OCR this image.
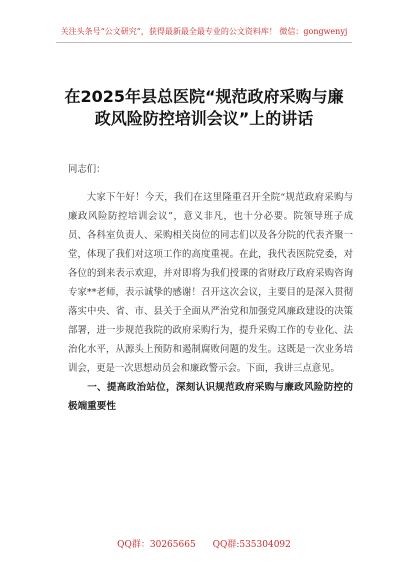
关注头条号“公文研究”，获得最新最全最专业的公文资料库！ 微信：gongwenyj
在2025年县总医院“规范政府采购与廉
政风险防控培训会议”上的讲话

同志们：

大家下午好！今天，我们在这里隆重召开全院“规范政府采购与廉政风险防控培训会议”，意义非凡，也十分必要。院领导班子成员、各科室负责人、采购相关岗位的同志们以及各分院的代表齐聚一堂，体现了我们对这项工作的高度重视。在此，我代表医院党委，对各位的到来表示欢迎，并对即将为我们授课的省财政厅政府采购咨询专家**老师，表示诚挚的感谢！召开这次会议，主要目的是深入贯彻落实中央、省、市、县关于全面从严治党和加强党风廉政建设的决策部署，进一步规范我院的政府采购行为，提升采购工作的专业化、法治化水平，从源头上预防和遏制腐败问题的发生。这既是一次业务培训会，更是一次思想动员会和廉政警示会。下面，我讲三点意见。

一、提高政治站位，深刻认识规范政府采购与廉政风险防控的极端重要性

QQ群：30265665 QQ群:535304092
